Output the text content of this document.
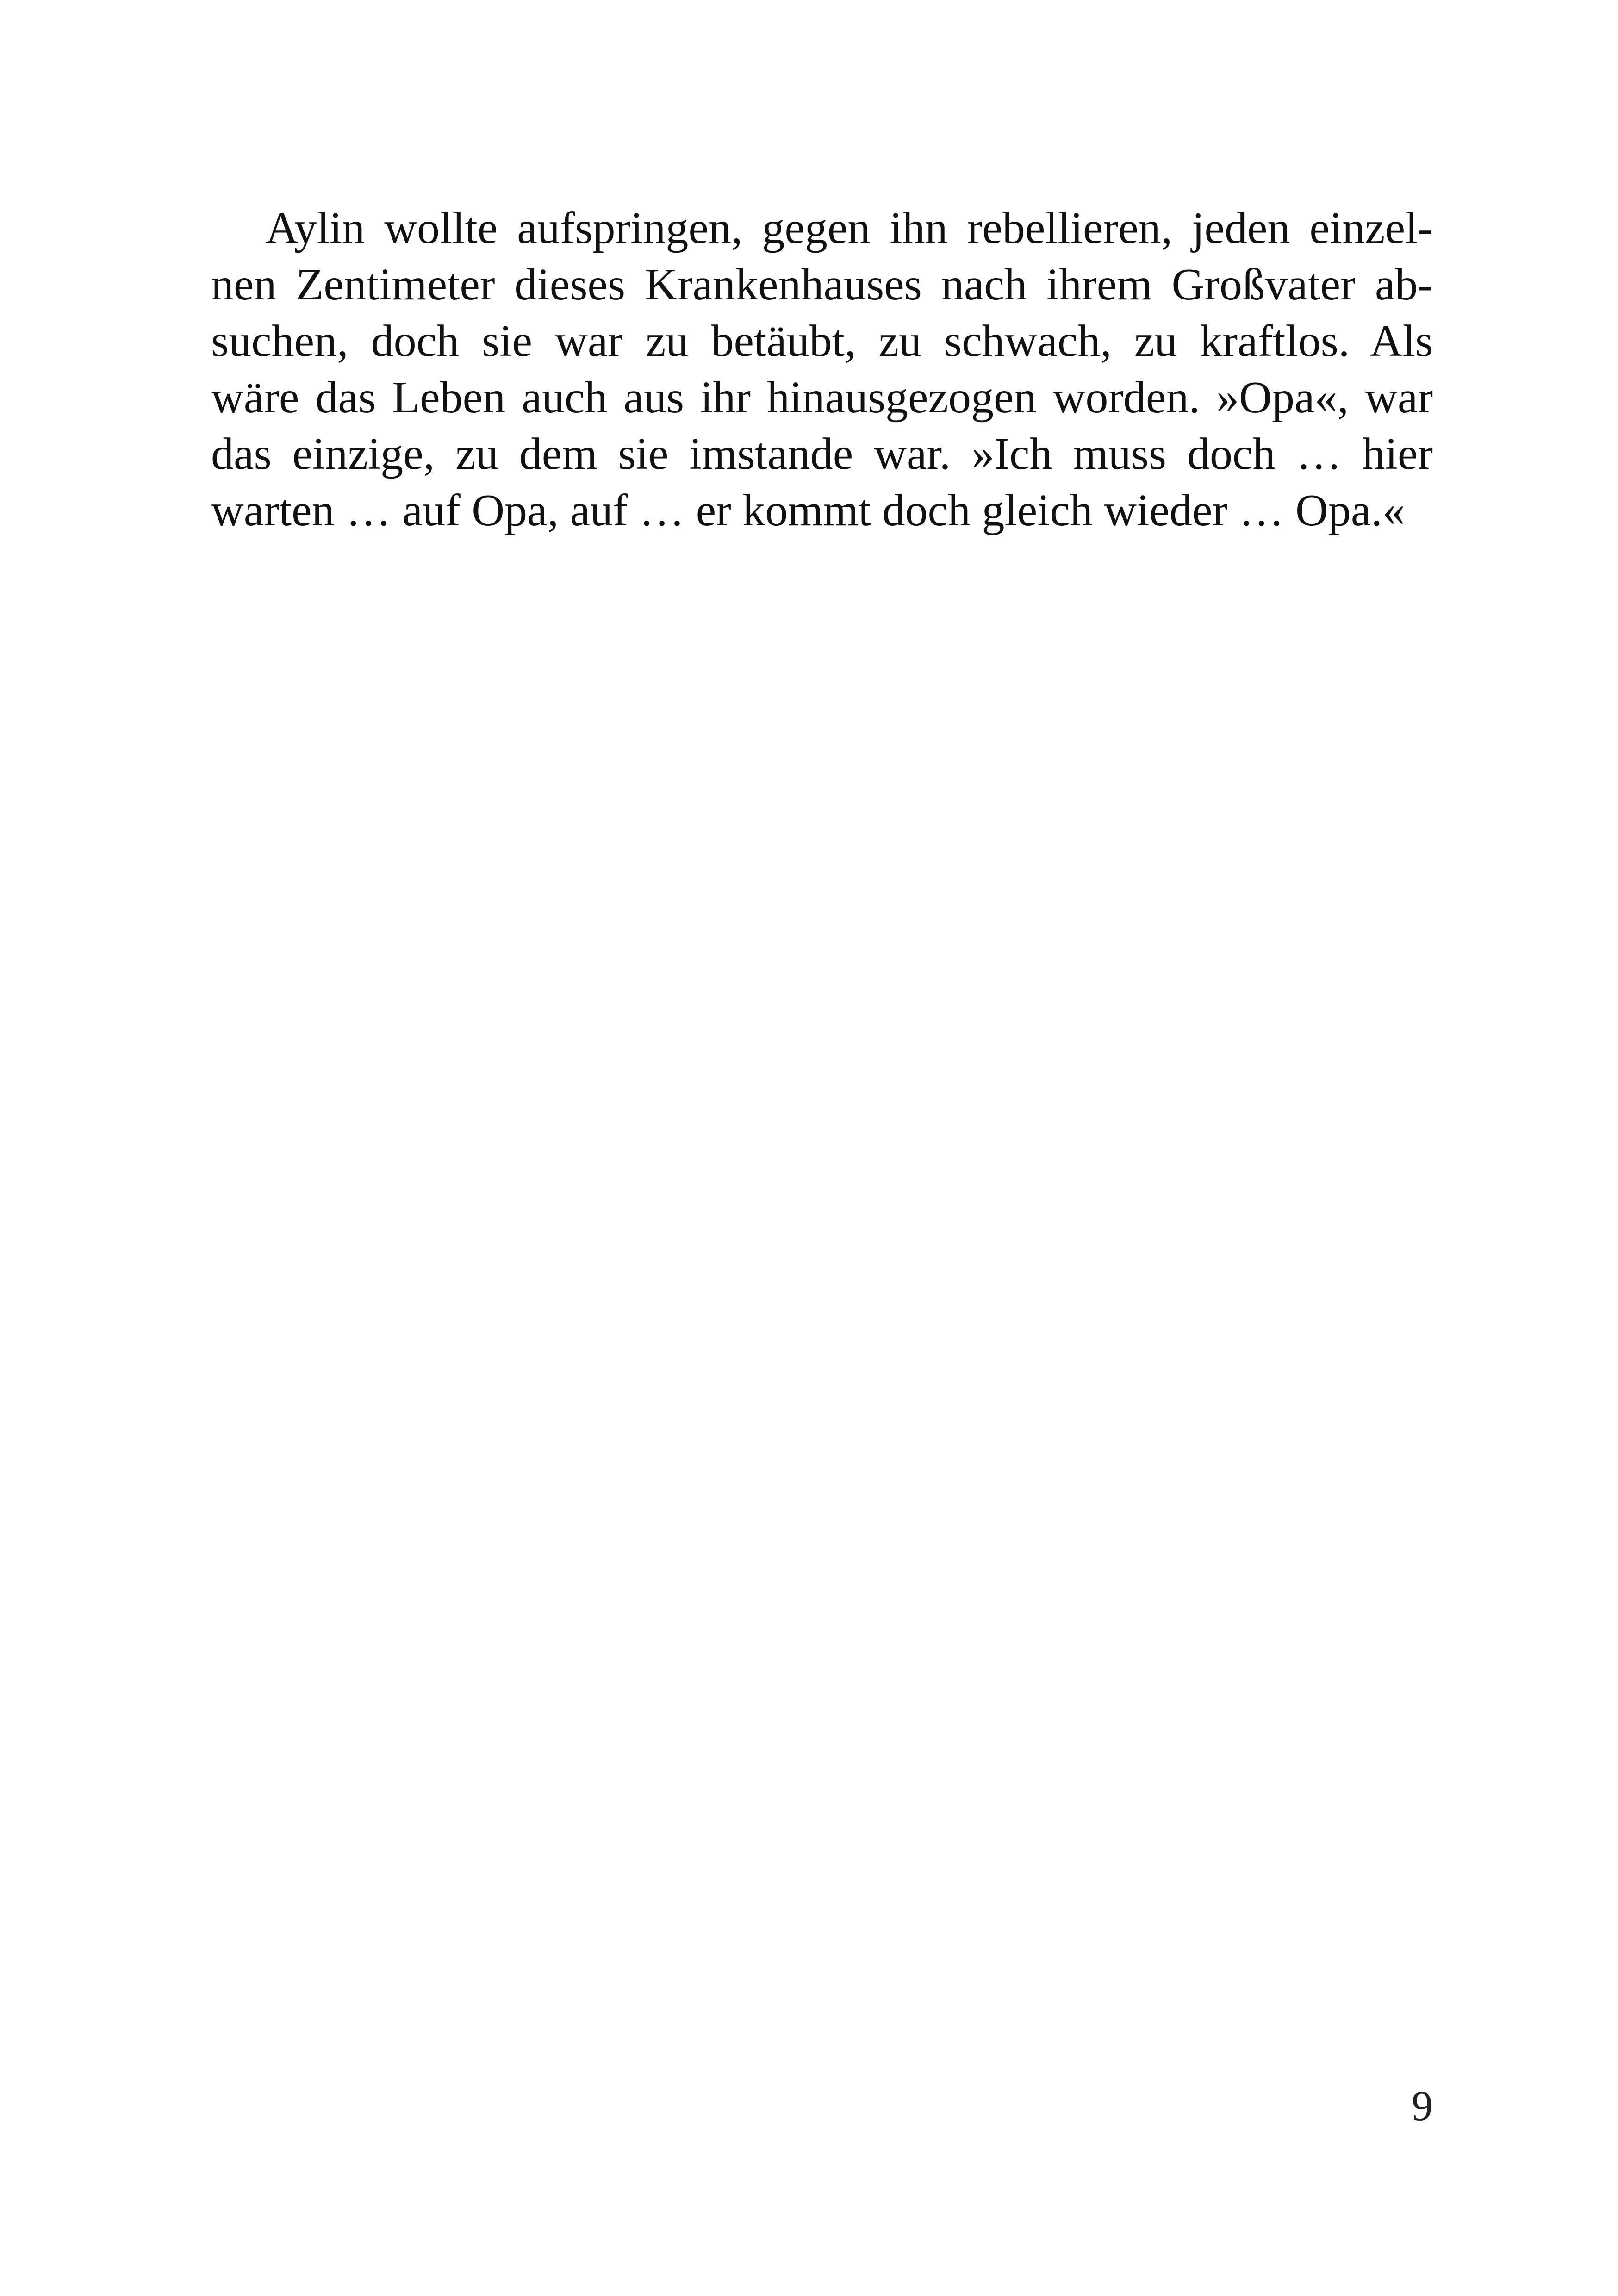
Aylin wollte aufspringen, gegen ihn rebellieren, jeden einzel-
nen Zentimeter dieses Krankenhauses nach ihrem Großvater ab-
suchen, doch sie war zu betäubt, zu schwach, zu kraftlos. Als
wäre das Leben auch aus ihr hinausgezogen worden. »Opa«, war
das einzige, zu dem sie imstande war. »Ich muss doch … hier
warten … auf Opa, auf … er kommt doch gleich wieder … Opa.«
9
